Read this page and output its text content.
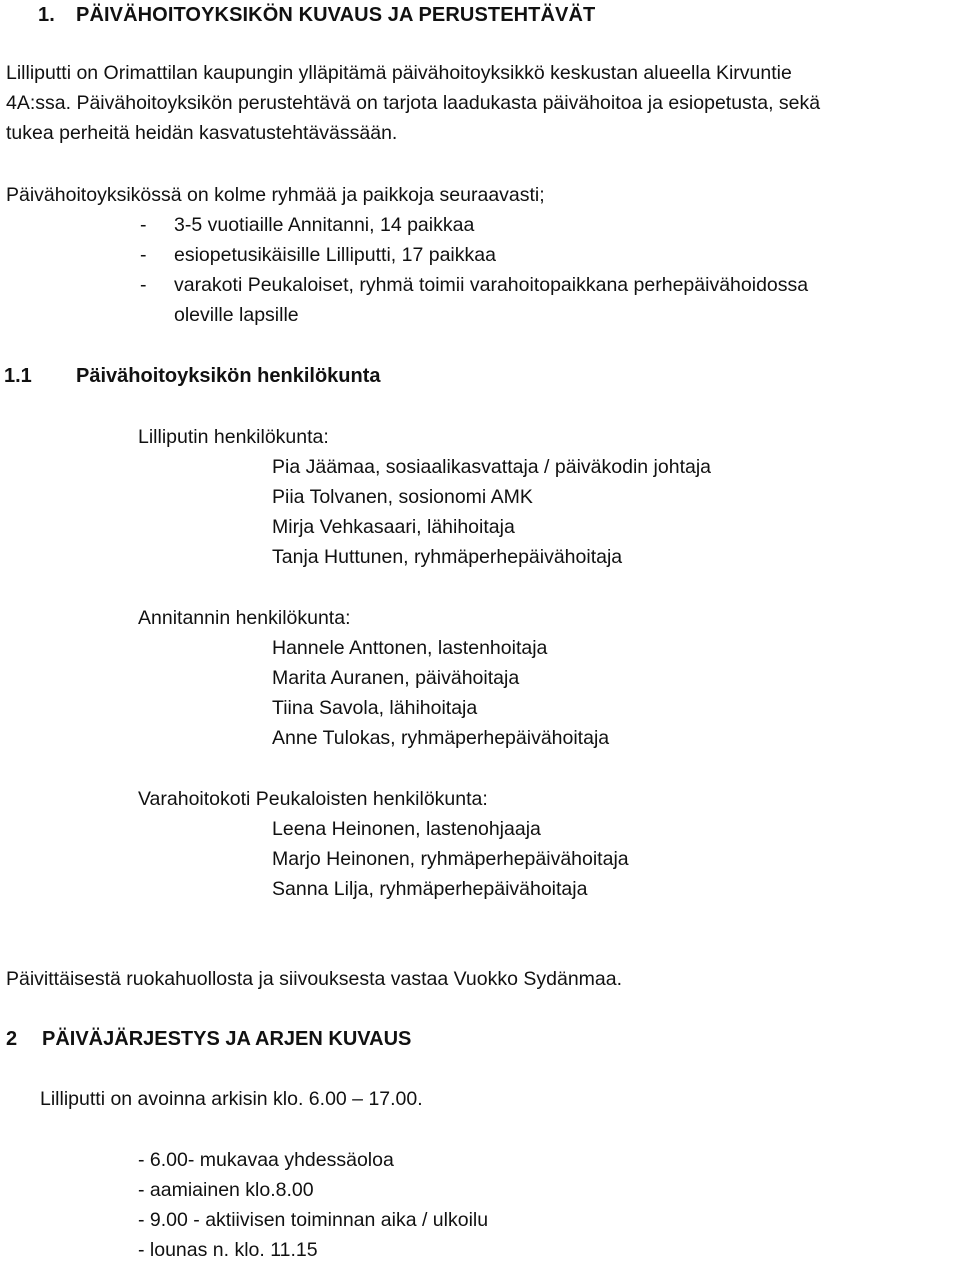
1. PÄIVÄHOITOYKSIKÖN KUVAUS JA PERUSTEHTÄVÄT
Lilliputti on Orimattilan kaupungin ylläpitämä päivähoitoyksikkö keskustan alueella Kirvuntie
4A:ssa. Päivähoitoyksikön perustehtävä on tarjota laadukasta päivähoitoa ja esiopetusta, sekä
tukea perheitä heidän kasvatustehtävässään.
Päivähoitoyksikössä on kolme ryhmää ja paikkoja seuraavasti;
- 3-5 vuotiaille Annitanni, 14 paikkaa
- esiopetusikäisille Lilliputti, 17 paikkaa
- varakoti Peukaloiset, ryhmä toimii varahoitopaikkana perhepäivähoidossa
oleville lapsille
1.1 Päivähoitoyksikön henkilökunta
Lilliputin henkilökunta:
Pia Jäämaa, sosiaalikasvattaja / päiväkodin johtaja
Piia Tolvanen, sosionomi AMK
Mirja Vehkasaari, lähihoitaja
Tanja Huttunen, ryhmäperhepäivähoitaja
Annitannin henkilökunta:
Hannele Anttonen, lastenhoitaja
Marita Auranen, päivähoitaja
Tiina Savola, lähihoitaja
Anne Tulokas, ryhmäperhepäivähoitaja
Varahoitokoti Peukaloisten henkilökunta:
Leena Heinonen, lastenohjaaja
Marjo Heinonen, ryhmäperhepäivähoitaja
Sanna Lilja, ryhmäperhepäivähoitaja
Päivittäisestä ruokahuollosta ja siivouksesta vastaa Vuokko Sydänmaa.
2 PÄIVÄJÄRJESTYS JA ARJEN KUVAUS
Lilliputti on avoinna arkisin klo. 6.00 – 17.00.
- 6.00- mukavaa yhdessäoloa
- aamiainen klo.8.00
- 9.00 - aktiivisen toiminnan aika / ulkoilu
- lounas n. klo. 11.15
